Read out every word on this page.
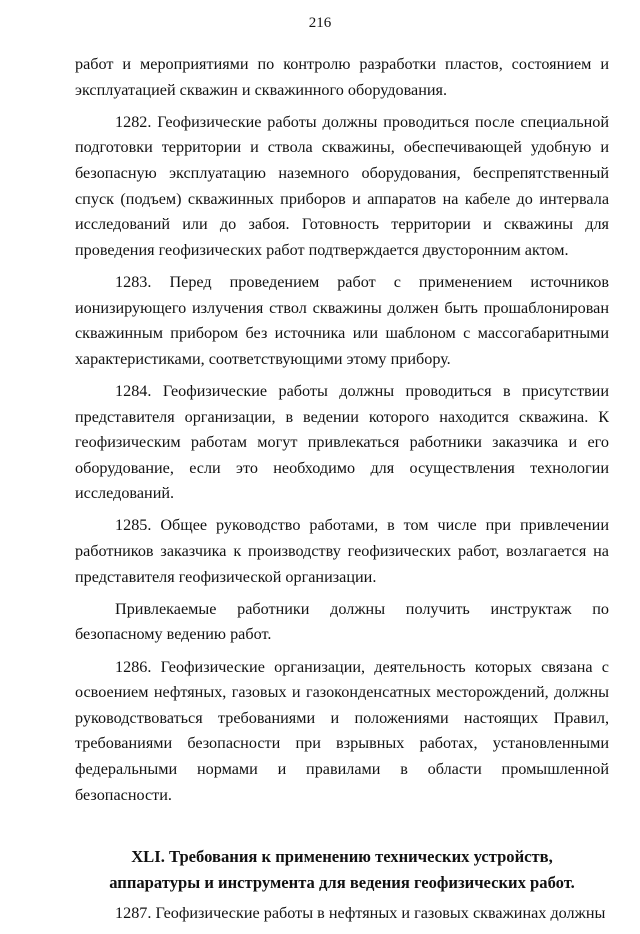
216

работ и мероприятиями по контролю разработки пластов, состоянием и эксплуатацией скважин и скважинного оборудования.

1282. Геофизические работы должны проводиться после специальной подготовки территории и ствола скважины, обеспечивающей удобную и безопасную эксплуатацию наземного оборудования, беспрепятственный спуск (подъем) скважинных приборов и аппаратов на кабеле до интервала исследований или до забоя. Готовность территории и скважины для проведения геофизических работ подтверждается двусторонним актом.

1283. Перед проведением работ с применением источников ионизирующего излучения ствол скважины должен быть прошаблонирован скважинным прибором без источника или шаблоном с массогабаритными характеристиками, соответствующими этому прибору.

1284. Геофизические работы должны проводиться в присутствии представителя организации, в ведении которого находится скважина. К геофизическим работам могут привлекаться работники заказчика и его оборудование, если это необходимо для осуществления технологии исследований.

1285. Общее руководство работами, в том числе при привлечении работников заказчика к производству геофизических работ, возлагается на представителя геофизической организации.

Привлекаемые работники должны получить инструктаж по безопасному ведению работ.

1286. Геофизические организации, деятельность которых связана с освоением нефтяных, газовых и газоконденсатных месторождений, должны руководствоваться требованиями и положениями настоящих Правил, требованиями безопасности при взрывных работах, установленными федеральными нормами и правилами в области промышленной безопасности.

XLI. Требования к применению технических устройств,
аппаратуры и инструмента для ведения геофизических работ.

1287. Геофизические работы в нефтяных и газовых скважинах должны
